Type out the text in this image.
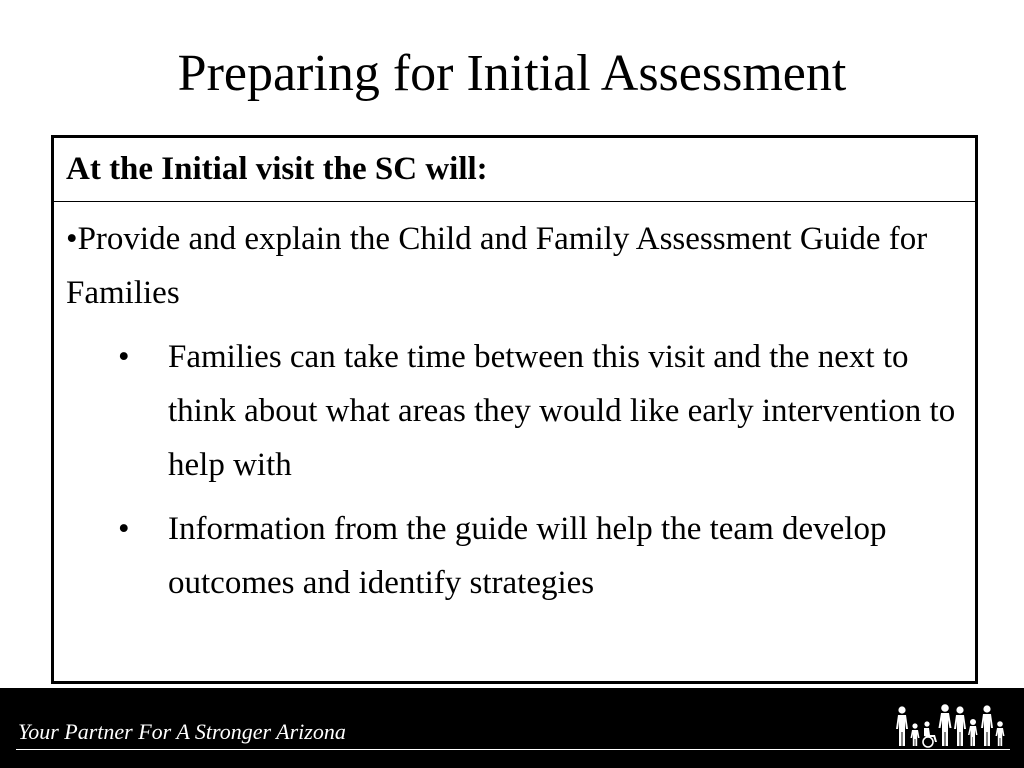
Preparing for Initial Assessment
At the Initial visit the SC will:

•Provide and explain the Child and Family Assessment Guide for Families

• Families can take time between this visit and the next to think about what areas they would like early intervention to help with
• Information from the guide will help the team develop outcomes and identify strategies
Your Partner For A Stronger Arizona
